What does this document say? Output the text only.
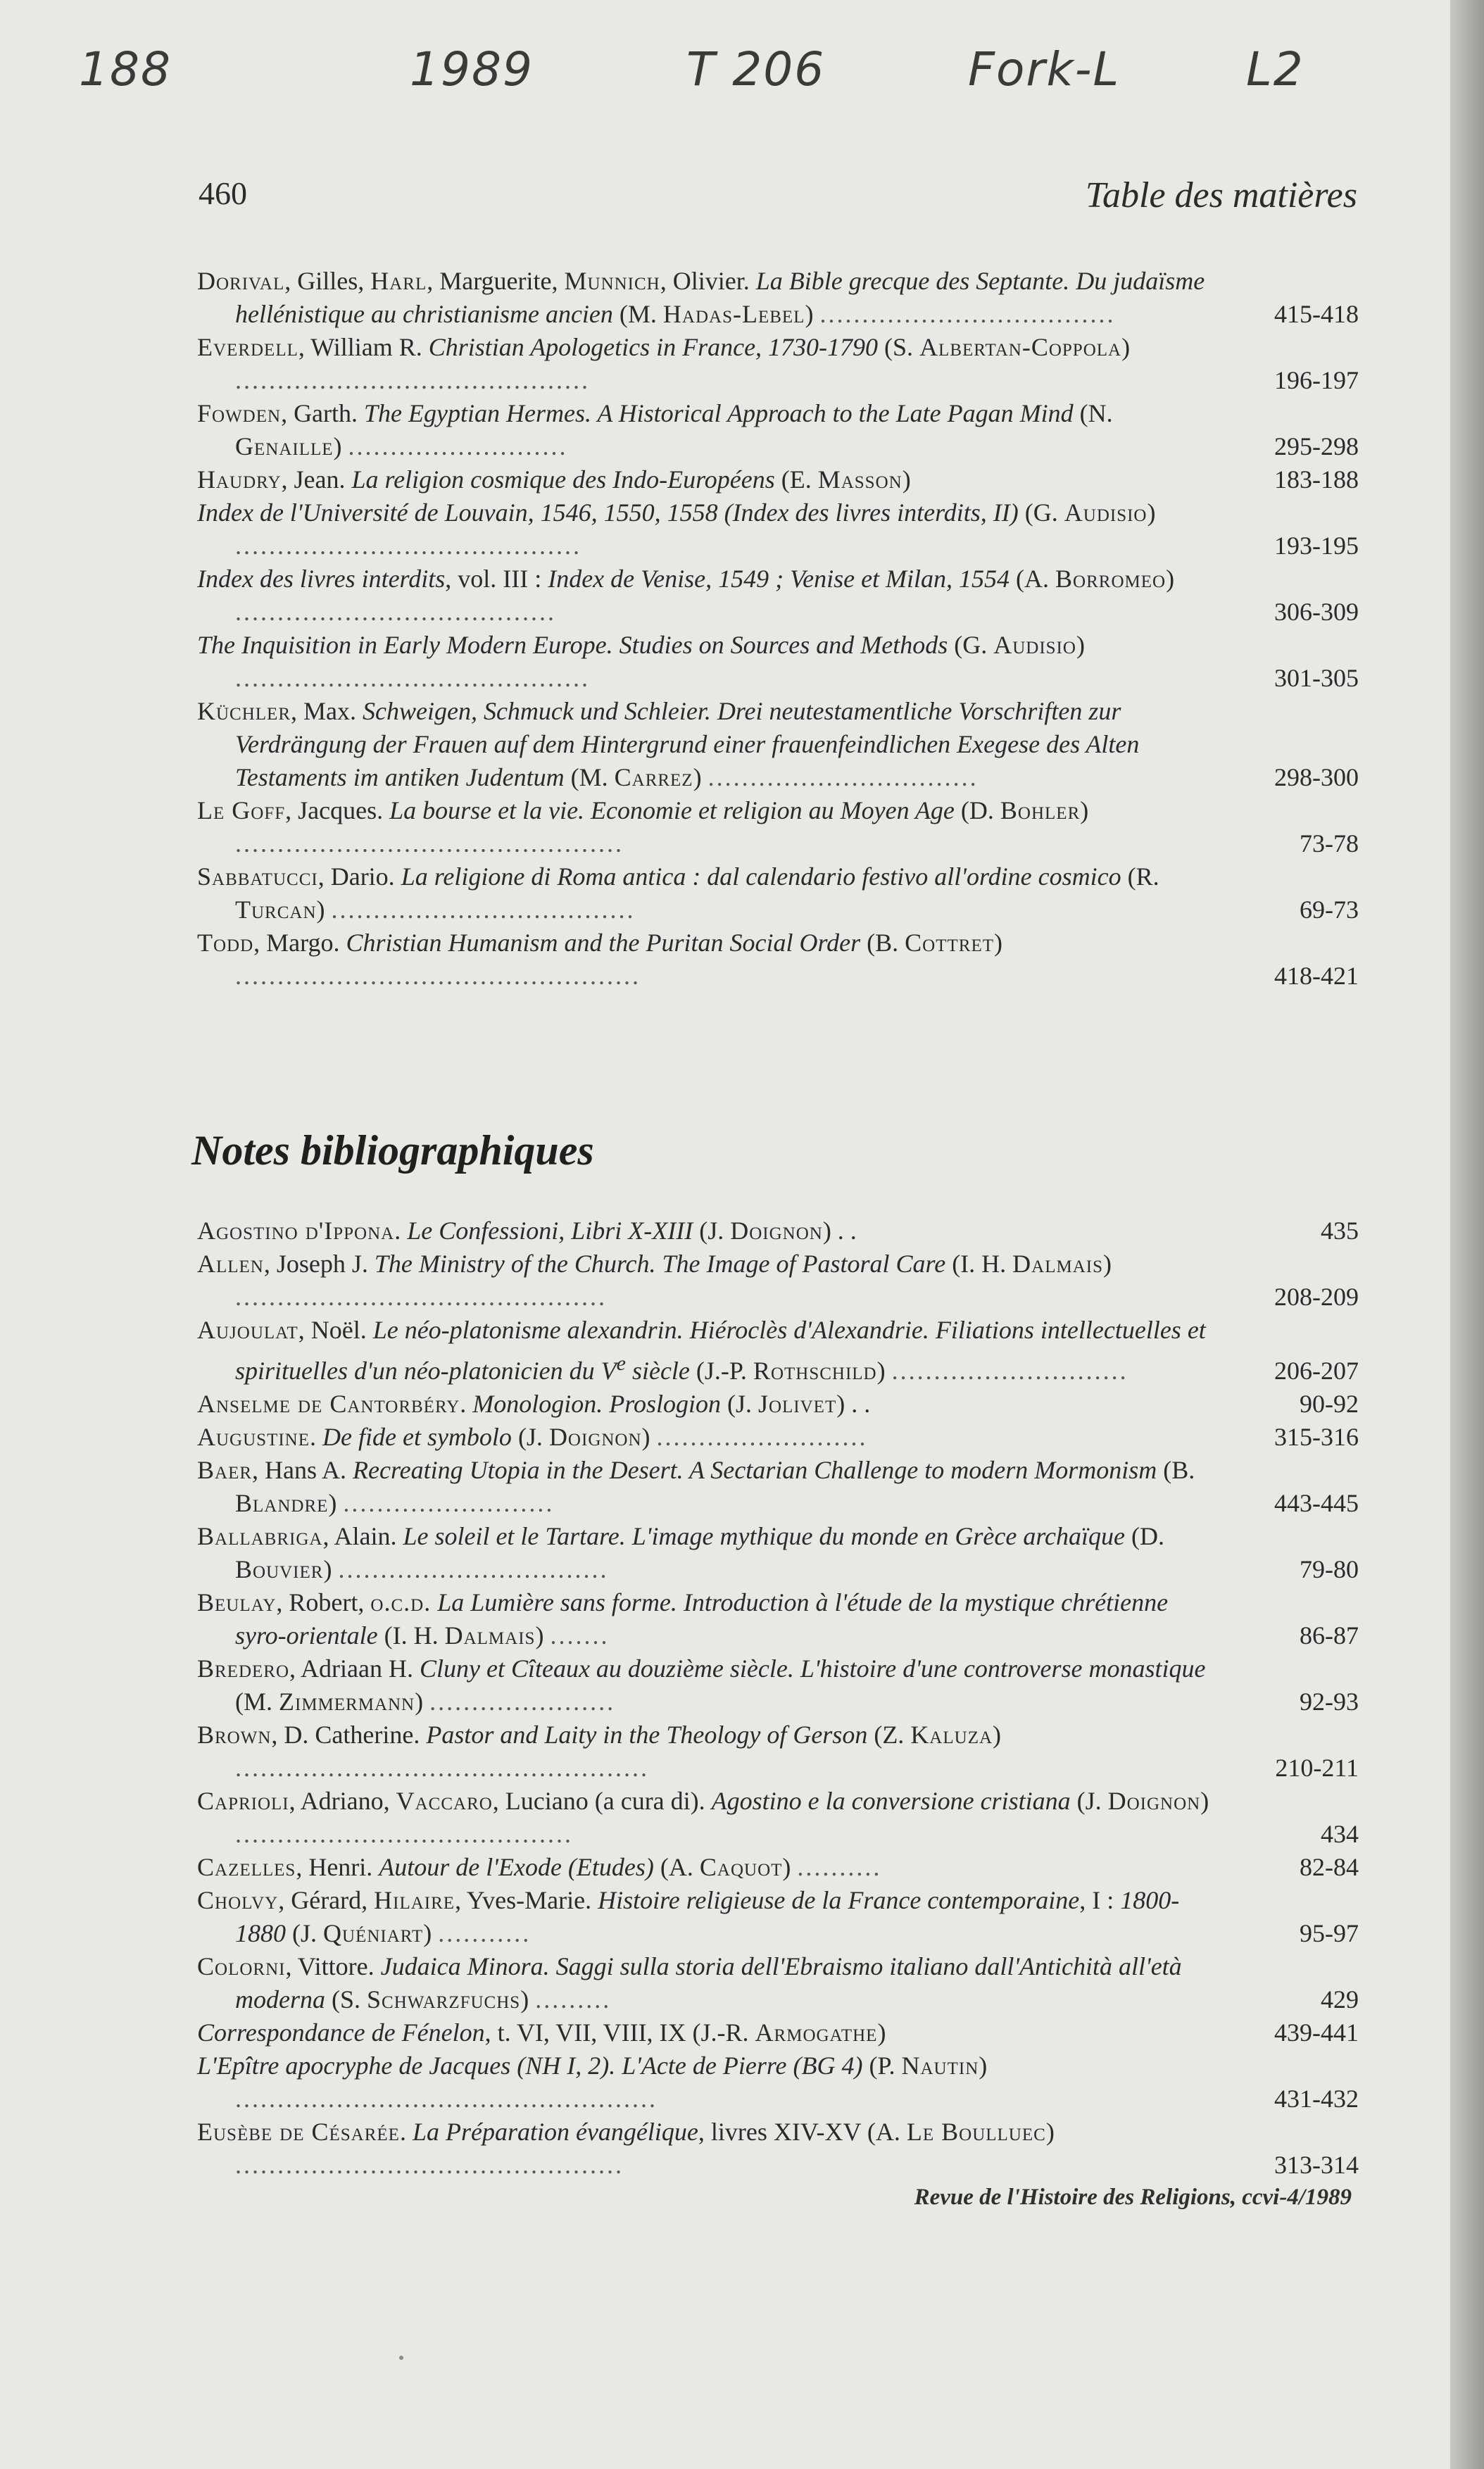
188	1989	T 206	Fork-L	L2
460	Table des matières
Dorival, Gilles, Harl, Marguerite, Munnich, Olivier. La Bible grecque des Septante. Du judaïsme hellénistique au christianisme ancien (M. Hadas-Lebel) ...................................	415-418
Everdell, William R. Christian Apologetics in France, 1730-1790 (S. Albertan-Coppola) ..........................................	196-197
Fowden, Garth. The Egyptian Hermes. A Historical Approach to the Late Pagan Mind (N. Genaille) ..........................	295-298
Haudry, Jean. La religion cosmique des Indo-Européens (E. Masson)	183-188
Index de l'Université de Louvain, 1546, 1550, 1558 (Index des livres interdits, II) (G. Audisio) .........................................	193-195
Index des livres interdits, vol. III : Index de Venise, 1549 ; Venise et Milan, 1554 (A. Borromeo) ......................................	306-309
The Inquisition in Early Modern Europe. Studies on Sources and Methods (G. Audisio) ..........................................	301-305
Küchler, Max. Schweigen, Schmuck und Schleier. Drei neutestamentliche Vorschriften zur Verdrängung der Frauen auf dem Hintergrund einer frauenfeindlichen Exegese des Alten Testaments im antiken Judentum (M. Carrez) ................................	298-300
Le Goff, Jacques. La bourse et la vie. Economie et religion au Moyen Age (D. Bohler) ..............................................	73-78
Sabbatucci, Dario. La religione di Roma antica : dal calendario festivo all'ordine cosmico (R. Turcan) ....................................	69-73
Todd, Margo. Christian Humanism and the Puritan Social Order (B. Cottret) ................................................	418-421
Notes bibliographiques
Agostino d'Ippona. Le Confessioni, Libri X-XIII (J. Doignon) . .	435
Allen, Joseph J. The Ministry of the Church. The Image of Pastoral Care (I. H. Dalmais) ............................................	208-209
Aujoulat, Noël. Le néo-platonisme alexandrin. Hiéroclès d'Alexandrie. Filiations intellectuelles et spirituelles d'un néo-platonicien du Ve siècle (J.-P. Rothschild) ............................	206-207
Anselme de Cantorbéry. Monologion. Proslogion (J. Jolivet) . .	90-92
Augustine. De fide et symbolo (J. Doignon) .........................	315-316
Baer, Hans A. Recreating Utopia in the Desert. A Sectarian Challenge to modern Mormonism (B. Blandre) .........................	443-445
Ballabriga, Alain. Le soleil et le Tartare. L'image mythique du monde en Grèce archaïque (D. Bouvier) ................................	79-80
Beulay, Robert, o.c.d. La Lumière sans forme. Introduction à l'étude de la mystique chrétienne syro-orientale (I. H. Dalmais) .......	86-87
Bredero, Adriaan H. Cluny et Cîteaux au douzième siècle. L'histoire d'une controverse monastique (M. Zimmermann) ......................	92-93
Brown, D. Catherine. Pastor and Laity in the Theology of Gerson (Z. Kaluza) .................................................	210-211
Caprioli, Adriano, Vaccaro, Luciano (a cura di). Agostino e la conversione cristiana (J. Doignon) ........................................	434
Cazelles, Henri. Autour de l'Exode (Etudes) (A. Caquot) ..........	82-84
Cholvy, Gérard, Hilaire, Yves-Marie. Histoire religieuse de la France contemporaine, I : 1800-1880 (J. Quéniart) ...........	95-97
Colorni, Vittore. Judaica Minora. Saggi sulla storia dell'Ebraismo italiano dall'Antichità all'età moderna (S. Schwarzfuchs) .........	429
Correspondance de Fénelon, t. VI, VII, VIII, IX (J.-R. Armogathe)	439-441
L'Epître apocryphe de Jacques (NH I, 2). L'Acte de Pierre (BG 4) (P. Nautin) ..................................................	431-432
Eusèbe de Césarée. La Préparation évangélique, livres XIV-XV (A. Le Boulluec) ..............................................	313-314
Revue de l'Histoire des Religions, ccvi-4/1989
